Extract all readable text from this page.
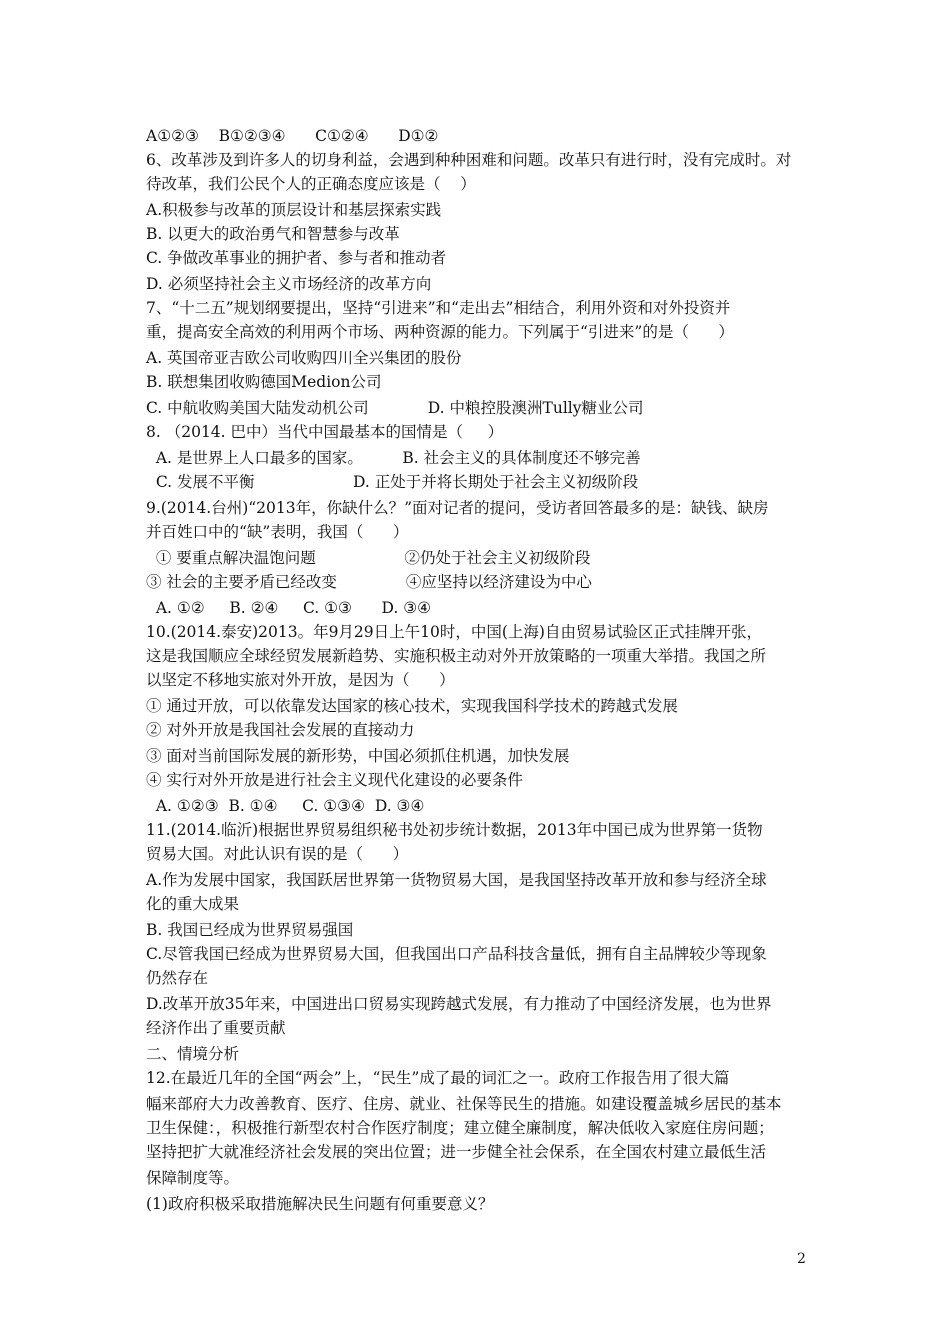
A①②③    B①②③④      C①②④      D①②
6、改革涉及到许多人的切身利益，会遇到种种困难和问题。改革只有进行时，没有完成时。对
待改革，我们公民个人的正确态度应该是（    ）
A.积极参与改革的顶层设计和基层探索实践
B. 以更大的政治勇气和智慧参与改革
C. 争做改革事业的拥护者、参与者和推动者
D. 必须坚持社会主义市场经济的改革方向
7、“十二五”规划纲要提出，坚持“引进来”和“走出去”相结合，利用外资和对外投资并
重，提高安全高效的利用两个市场、两种资源的能力。下列属于“引进来”的是（      ）
A. 英国帝亚吉欧公司收购四川全兴集团的股份
B. 联想集团收购德国Medion公司
C. 中航收购美国大陆发动机公司            D. 中粮控股澳洲Tully糖业公司
8. （2014. 巴中）当代中国最基本的国情是（     ）
A. 是世界上人口最多的国家。        B. 社会主义的具体制度还不够完善
C. 发展不平衡                    D. 正处于并将长期处于社会主义初级阶段
9.(2014.台州)“2013年，你缺什么？”面对记者的提问，受访者回答最多的是：缺钱、缺房
并百姓口中的“缺”表明，我国（      ）
① 要重点解决温饱问题                  ②仍处于社会主义初级阶段
③ 社会的主要矛盾已经改变              ④应坚持以经济建设为中心
A. ①②     B. ②④     C. ①③      D. ③④
10.(2014.泰安)2013。年9月29日上午10时，中国(上海)自由贸易试验区正式挂牌开张，
这是我国顺应全球经贸发展新趋势、实施积极主动对外开放策略的一项重大举措。我国之所
以坚定不移地实旅对外开放，是因为（      ）
① 通过开放，可以依靠发达国家的核心技术，实现我国科学技术的跨越式发展
② 对外开放是我国社会发展的直接动力
③ 面对当前国际发展的新形势，中国必须抓住机遇，加快发展
④ 实行对外开放是进行社会主义现代化建设的必要条件
A. ①②③  B. ①④     C. ①③④  D. ③④
11.(2014.临沂)根据世界贸易组织秘书处初步统计数据，2013年中国已成为世界第一货物
贸易大国。对此认识有误的是（      ）
A.作为发展中国家，我国跃居世界第一货物贸易大国，是我国坚持改革开放和参与经济全球
化的重大成果
B. 我国已经成为世界贸易强国
C.尽管我国已经成为世界贸易大国，但我国出口产品科技含量低，拥有自主品牌较少等现象
仍然存在
D.改革开放35年来，中国进出口贸易实现跨越式发展，有力推动了中国经济发展，也为世界
经济作出了重要贡献
二、情境分析
12.在最近几年的全国“两会”上，“民生”成了最的词汇之一。政府工作报告用了很大篇
幅来部府大力改善教育、医疗、住房、就业、社保等民生的措施。如建设覆盖城乡居民的基本
卫生保健：，积极推行新型农村合作医疗制度；建立健全廉制度，解决低收入家庭住房问题；
坚持把扩大就准经济社会发展的突出位置；进一步健全社会保系，在全国农村建立最低生活
保障制度等。
(1)政府积极采取措施解决民生问题有何重要意义？
2
